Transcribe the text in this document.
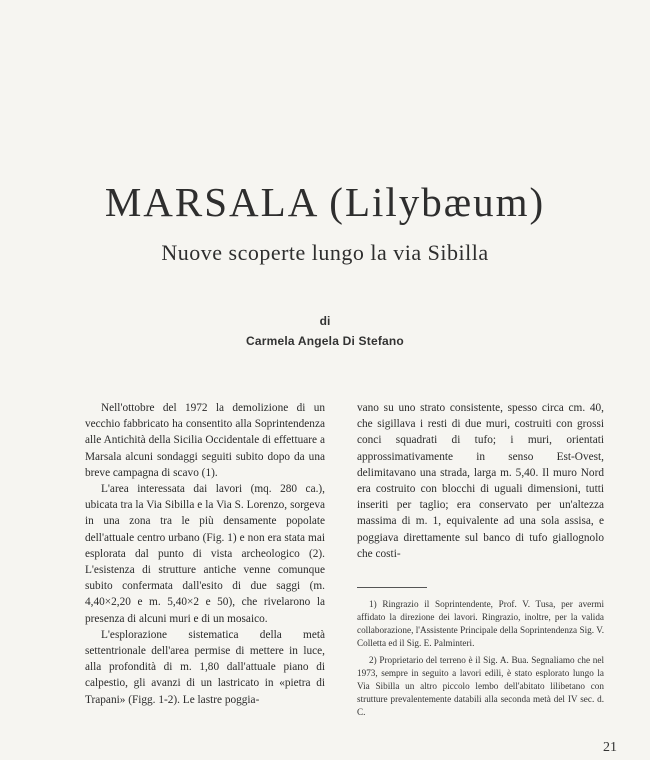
MARSALA (Lilybæum)
Nuove scoperte lungo la via Sibilla
di
Carmela Angela Di Stefano

Nell'ottobre del 1972 la demolizione di un vecchio fabbricato ha consentito alla Soprintendenza alle Antichità della Sicilia Occidentale di effettuare a Marsala alcuni sondaggi seguiti subito dopo da una breve campagna di scavo (1).

L'area interessata dai lavori (mq. 280 ca.), ubicata tra la Via Sibilla e la Via S. Lorenzo, sorgeva in una zona tra le più densamente popolate dell'attuale centro urbano (Fig. 1) e non era stata mai esplorata dal punto di vista archeologico (2). L'esistenza di strutture antiche venne comunque subito confermata dall'esito di due saggi (m. 4,40×2,20 e m. 5,40×2 e 50), che rivelarono la presenza di alcuni muri e di un mosaico.

L'esplorazione sistematica della metà settentrionale dell'area permise di mettere in luce, alla profondità di m. 1,80 dall'attuale piano di calpestio, gli avanzi di un lastricato in «pietra di Trapani» (Figg. 1-2). Le lastre poggia-

vano su uno strato consistente, spesso circa cm. 40, che sigillava i resti di due muri, costruiti con grossi conci squadrati di tufo; i muri, orientati approssimativamente in senso Est-Ovest, delimitavano una strada, larga m. 5,40. Il muro Nord era costruito con blocchi di uguali dimensioni, tutti inseriti per taglio; era conservato per un'altezza massima di m. 1, equivalente ad una sola assisa, e poggiava direttamente sul banco di tufo giallognolo che costi-

1) Ringrazio il Soprintendente, Prof. V. Tusa, per avermi affidato la direzione dei lavori. Ringrazio, inoltre, per la valida collaborazione, l'Assistente Principale della Soprintendenza Sig. V. Colletta ed il Sig. E. Palminteri.

2) Proprietario del terreno è il Sig. A. Bua. Segnaliamo che nel 1973, sempre in seguito a lavori edili, è stato esplorato lungo la Via Sibilla un altro piccolo lembo dell'abitato lilibetano con strutture prevalentemente databili alla seconda metà del IV sec. d. C.

21
